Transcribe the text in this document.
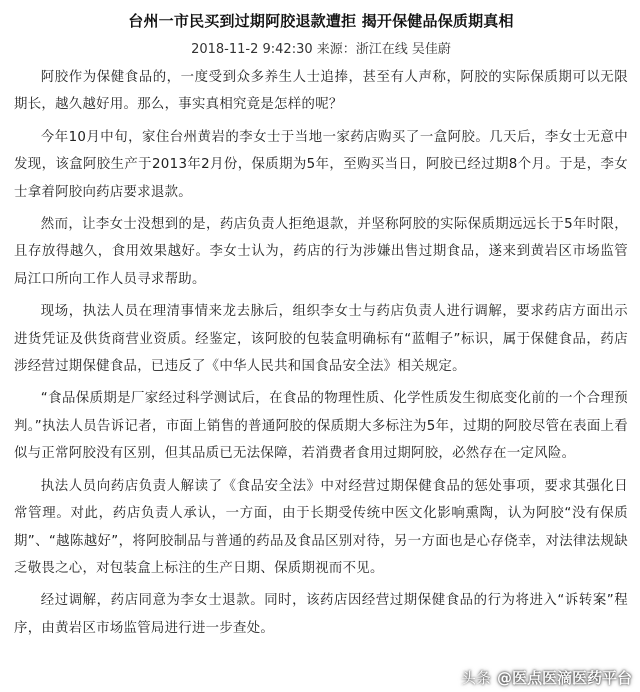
台州一市民买到过期阿胶退款遭拒 揭开保健品保质期真相
2018-11-2 9:42:30 来源：浙江在线 吴佳蔚

阿胶作为保健食品的，一度受到众多养生人士追捧，甚至有人声称，阿胶的实际保质期可以无限期长，越久越好用。那么，事实真相究竟是怎样的呢？

今年10月中旬，家住台州黄岩的李女士于当地一家药店购买了一盒阿胶。几天后，李女士无意中发现，该盒阿胶生产于2013年2月份，保质期为5年，至购买当日，阿胶已经过期8个月。于是，李女士拿着阿胶向药店要求退款。

然而，让李女士没想到的是，药店负责人拒绝退款，并坚称阿胶的实际保质期远远长于5年时限，且存放得越久，食用效果越好。李女士认为，药店的行为涉嫌出售过期食品，遂来到黄岩区市场监管局江口所向工作人员寻求帮助。

现场，执法人员在理清事情来龙去脉后，组织李女士与药店负责人进行调解，要求药店方面出示进货凭证及供货商营业资质。经鉴定，该阿胶的包装盒明确标有“蓝帽子”标识，属于保健食品，药店涉经营过期保健食品，已违反了《中华人民共和国食品安全法》相关规定。

“食品保质期是厂家经过科学测试后，在食品的物理性质、化学性质发生彻底变化前的一个合理预判。”执法人员告诉记者，市面上销售的普通阿胶的保质期大多标注为5年，过期的阿胶尽管在表面上看似与正常阿胶没有区别，但其品质已无法保障，若消费者食用过期阿胶，必然存在一定风险。

执法人员向药店负责人解读了《食品安全法》中对经营过期保健食品的惩处事项，要求其强化日常管理。对此，药店负责人承认，一方面，由于长期受传统中医文化影响熏陶，认为阿胶“没有保质期”、“越陈越好”，将阿胶制品与普通的药品及食品区别对待，另一方面也是心存侥幸，对法律法规缺乏敬畏之心，对包装盒上标注的生产日期、保质期视而不见。

经过调解，药店同意为李女士退款。同时，该药店因经营过期保健食品的行为将进入“诉转案”程序，由黄岩区市场监管局进行进一步查处。

头条 @医点医滴医药平台
